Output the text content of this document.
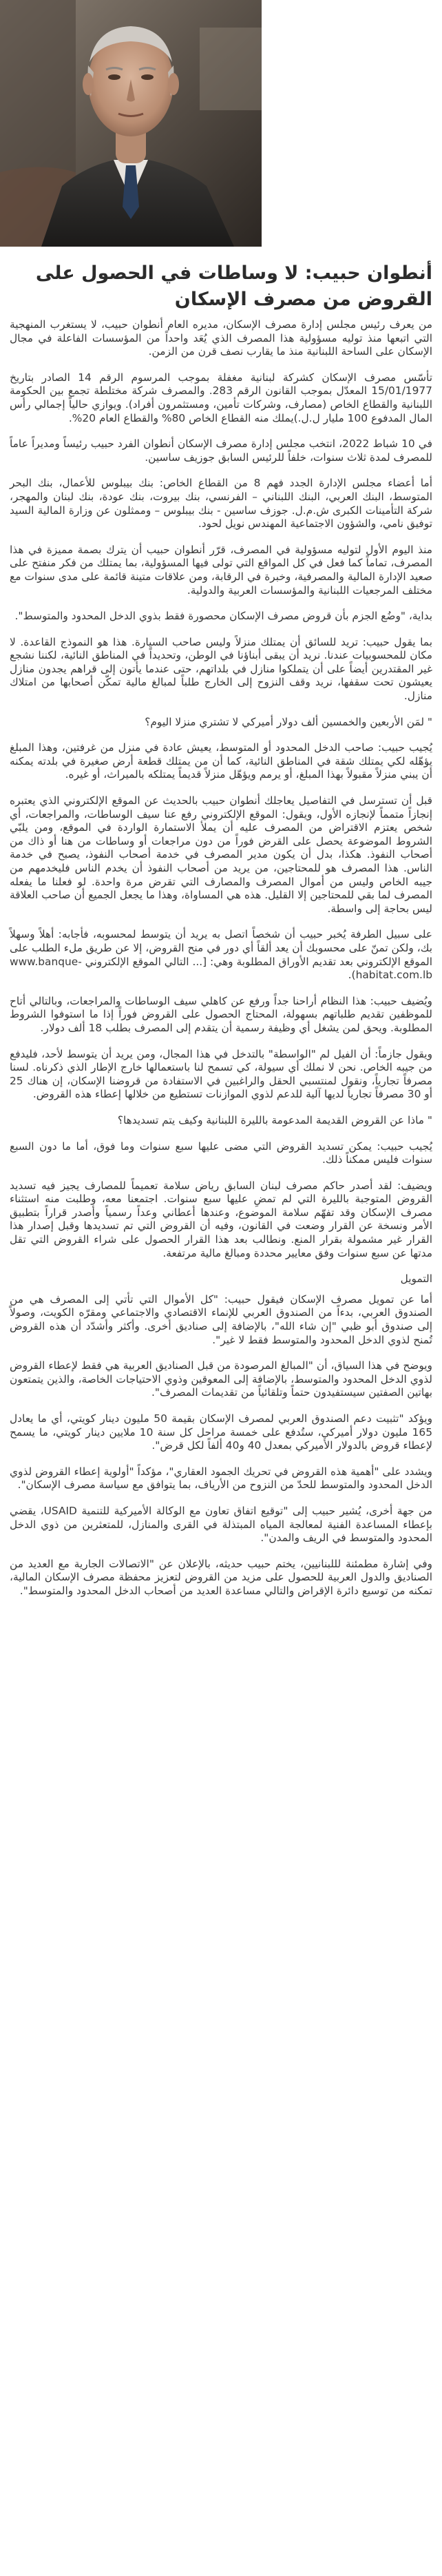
أنطوان حبيب: لا وساطات في الحصول على القروض من مصرف الإسكان

من يعرف رئيس مجلس إدارة مصرف الإسكان، مديره العام أنطوان حبيب، لا يستغرب المنهجية التي اتبعها منذ توليه مسؤولية هذا المصرف الذي يُعَد واحداً من المؤسسات الفاعلة في مجال الإسكان على الساحة اللبنانية منذ ما يقارب نصف قرن من الزمن.

تأسّس مصرف الإسكان كشركة لبنانية مغفلة بموجب المرسوم الرقم 14 الصادر بتاريخ 15/01/1977 المعدّل بموجب القانون الرقم 283. والمصرف شركة مختلطة تجمع بين الحكومة اللبنانية والقطاع الخاص (مصارف، وشركات تأمين، ومستثمرون أفراد). ويوازي حالياً إجمالي رأس المال المدفوع 100 مليار ل.ل.)يملك منه القطاع الخاص 80% والقطاع العام 20%.

في 10 شباط 2022، انتخب مجلس إدارة مصرف الإسكان أنطوان الفرد حبيب رئيساً ومديراً عاماً للمصرف لمدة ثلاث سنوات، خلفاً للرئيس السابق جوزيف ساسين.

أما أعضاء مجلس الإدارة الجدد فهم 8 من القطاع الخاص: بنك بيبلوس للأعمال، بنك البحر المتوسط، البنك العربي، البنك اللبناني – الفرنسي، بنك بيروت، بنك عودة، بنك لبنان والمهجر، شركة التأمينات الكبرى ش.م.ل. جوزف ساسين - بنك بيبلوس – وممثلون عن وزارة المالية السيد توفيق نامي، والشؤون الاجتماعية المهندس نويل لحود.

منذ اليوم الأول لتوليه مسؤولية في المصرف، قرّر أنطوان حبيب أن يترك بصمة مميزة في هذا المصرف، تماماً كما فعل في كل المواقع التي تولى فيها المسؤولية، بما يمتلك من فكر منفتح على صعيد الإدارة المالية والمصرفية، وخبرة في الرقابة، ومن علاقات متينة قائمة على مدى سنوات مع مختلف المرجعيات اللبنانية والمؤسسات العربية والدولية.

بداية، "وضُع الجزم بأن قروض مصرف الإسكان محصورة فقط بذوي الدخل المحدود والمتوسط".

بما يقول حبيب: تريد للسائق أن يمتلك منزلاً وليس صاحب السيارة. هذا هو النموذج القاعدة. لا مكان للمحسوبيات عندنا. نريد أن يبقى أبناؤنا في الوطن، وتحديداً في المناطق النائية، لكننا نشجع غير المقتدرين أيضاً على أن يتملكوا منازل في بلداتهم، حتى عندما يأتون إلى قراهم يجدون منازل يعيشون تحت سقفها، نريد وقف النزوح إلى الخارج طلباً لمبالغ مالية تمكّن أصحابها من امتلاك منازل.

" لمَن الأربعين والخمسين ألف دولار أميركي لا تشتري منزلا اليوم؟

يُجيب حبيب: صاحب الدخل المحدود أو المتوسط، يعيش عادة في منزل من غرفتين، وهذا المبلغ يؤهّله لكي يمتلك شقة في المناطق النائية، كما أن من يمتلك قطعة أرض صغيرة في بلدته يمكنه أن يبني منزلاً مقبولاً بهذا المبلغ، أو يرمم ويؤهّل منزلاً قديماً يمتلكه بالميراث، أو غيره.

قبل أن تسترسل في التفاصيل يعاجلك أنطوان حبيب بالحديث عن الموقع الإلكتروني الذي يعتبره إنجازاً متمماً لإنجازه الأول، ويقول: الموقع الإلكتروني رفع عنا سيف الوساطات، والمراجعات، أي شخص يعتزم الاقتراض من المصرف عليه أن يملأ الاستمارة الواردة في الموقع، ومن يلبّي الشروط الموضوعة يحصل على القرض فوراً من دون مراجعات أو وساطات من هنا أو ذاك من أصحاب النفوذ. هكذا، بدل أن يكون مدير المصرف في خدمة أصحاب النفوذ، يصبح في خدمة الناس. هذا المصرف هو للمحتاجين، من يريد من أصحاب النفوذ أن يخدم الناس فليخدمهم من جيبه الخاص وليس من أموال المصرف والمصارف التي تقرض مرة واحدة. لو فعلنا ما يفعله المصرف لما بقي للمحتاجين إلا القليل. هذه هي المساواة، وهذا ما يجعل الجميع أن صاحب العلاقة ليس بحاجة إلى واسطة.

على سبيل الطرفة يُخبر حبيب أن شخصاً اتصل به يريد أن يتوسط لمحسوبه، فأجابه: أهلاً وسهلاً بك، ولكن تمنّ على محسوبك أن يعد ألقاً أي دور في منح القروض، إلا عن طريق ملء الطلب على الموقع الإلكتروني بعد تقديم الأوراق المطلوبة وهي: [... التالي الموقع الإلكتروني www.banque-habitat.com.lb).

ويُضيف حبيب: هذا النظام أراحنا جداً ورفع عن كاهلي سيف الوساطات والمراجعات، وبالتالي أتاح للموظفين تقديم طلباتهم بسهولة، المحتاج الحصول على القروض فوراً إذا ما استوفوا الشروط المطلوبة. ويحق لمن يشغل أي وظيفة رسمية أن يتقدم إلى المصرف بطلب 18 ألف دولار.

ويقول جازماً: أن الفيل لم "الواسطة" بالتدخل في هذا المجال، ومن يريد أن يتوسط لأحد، فليدفع من جيبه الخاص. نحن لا نملك أي سيولة، كي تسمح لنا باستعمالها خارج الإطار الذي ذكرناه. لسنا مصرفاً تجارياً، ونقول لمنتسبي الحقل والراغبين في الاستفادة من قروضنا الإسكان، إن هناك 25 أو 30 مصرفاً تجارياً لديها آلية للدعم لذوي الموازنات تستطيع من خلالها إعطاء هذه القروض.

" ماذا عن القروض القديمة المدعومة بالليرة اللبنانية وكيف يتم تسديدها؟

يُجيب حبيب: يمكن تسديد القروض التي مضى عليها سبع سنوات وما فوق، أما ما دون السبع سنوات فليس ممكناً ذلك.

ويضيف: لقد أصدر حاكم مصرف لبنان السابق رياض سلامة تعميماً للمصارف يجيز فيه تسديد القروض المتوجبة بالليرة التي لم تمضِ عليها سبع سنوات. اجتمعنا معه، وطلبت منه استثناء مصرف الإسكان وقد تفهّم سلامة الموضوع، وعندها أعطاني وعداً رسمياً وأصدر قراراً بتطبيق الأمر ونسخة عن القرار وضعت في القانون، وفيه أن القروض التي تم تسديدها وقبل إصدار هذا القرار غير مشمولة بقرار المنع. ونطالب بعد هذا القرار الحصول على شراء القروض التي تقل مدتها عن سبع سنوات وفق معايير محددة ومبالغ مالية مرتفعة.

التمويل

أما عن تمويل مصرف الإسكان فيقول حبيب: "كل الأموال التي تأتي إلى المصرف هي من الصندوق العربي، بدءاً من الصندوق العربي للإنماء الاقتصادي والاجتماعي ومقرّه الكويت، وصولاً إلى صندوق أبو ظبي "إن شاء الله"، بالإضافة إلى صناديق أخرى. وأكثر وأشدّد أن هذه القروض تُمنح لذوي الدخل المحدود والمتوسط فقط لا غير".

ويوضح في هذا السياق، أن "المبالغ المرصودة من قبل الصناديق العربية هي فقط لإعطاء القروض لذوي الدخل المحدود والمتوسط، بالإضافة إلى المعوقين وذوي الاحتياجات الخاصة، والذين يتمتعون بهاتين الصفتين سيستفيدون حتماً وتلقائياً من تقديمات المصرف".

ويؤكد "تثبيت دعم الصندوق العربي لمصرف الإسكان بقيمة 50 مليون دينار كويتي، أي ما يعادل 165 مليون دولار أميركي، ستُدفع على خمسة مراحل كل سنة 10 ملايين دينار كويتي، ما يسمح لإعطاء قروض بالدولار الأميركي بمعدل 40 و40 ألفاً لكل قرض".

ويشدد على "أهمية هذه القروض في تحريك الجمود العقاري"، مؤكداً "أولوية إعطاء القروض لذوي الدخل المحدود والمتوسط للحدّ من النزوح من الأرياف، بما يتوافق مع سياسة مصرف الإسكان".

من جهة أخرى، يُشير حبيب إلى "توقيع اتفاق تعاون مع الوكالة الأميركية للتنمية USAID، يقضي بإعطاء المساعدة الفنية لمعالجة المياه المبتذلة في القرى والمنازل، للمتعثرين من ذوي الدخل المحدود والمتوسط في الريف والمدن".

وفي إشارة مطمئنة لللبنانيين، يختم حبيب حديثه، بالإعلان عن "الاتصالات الجارية مع العديد من الصناديق والدول العربية للحصول على مزيد من القروض لتعزيز محفظة مصرف الإسكان المالية، تمكنه من توسيع دائرة الإقراض والتالي مساعدة العديد من أصحاب الدخل المحدود والمتوسط".
